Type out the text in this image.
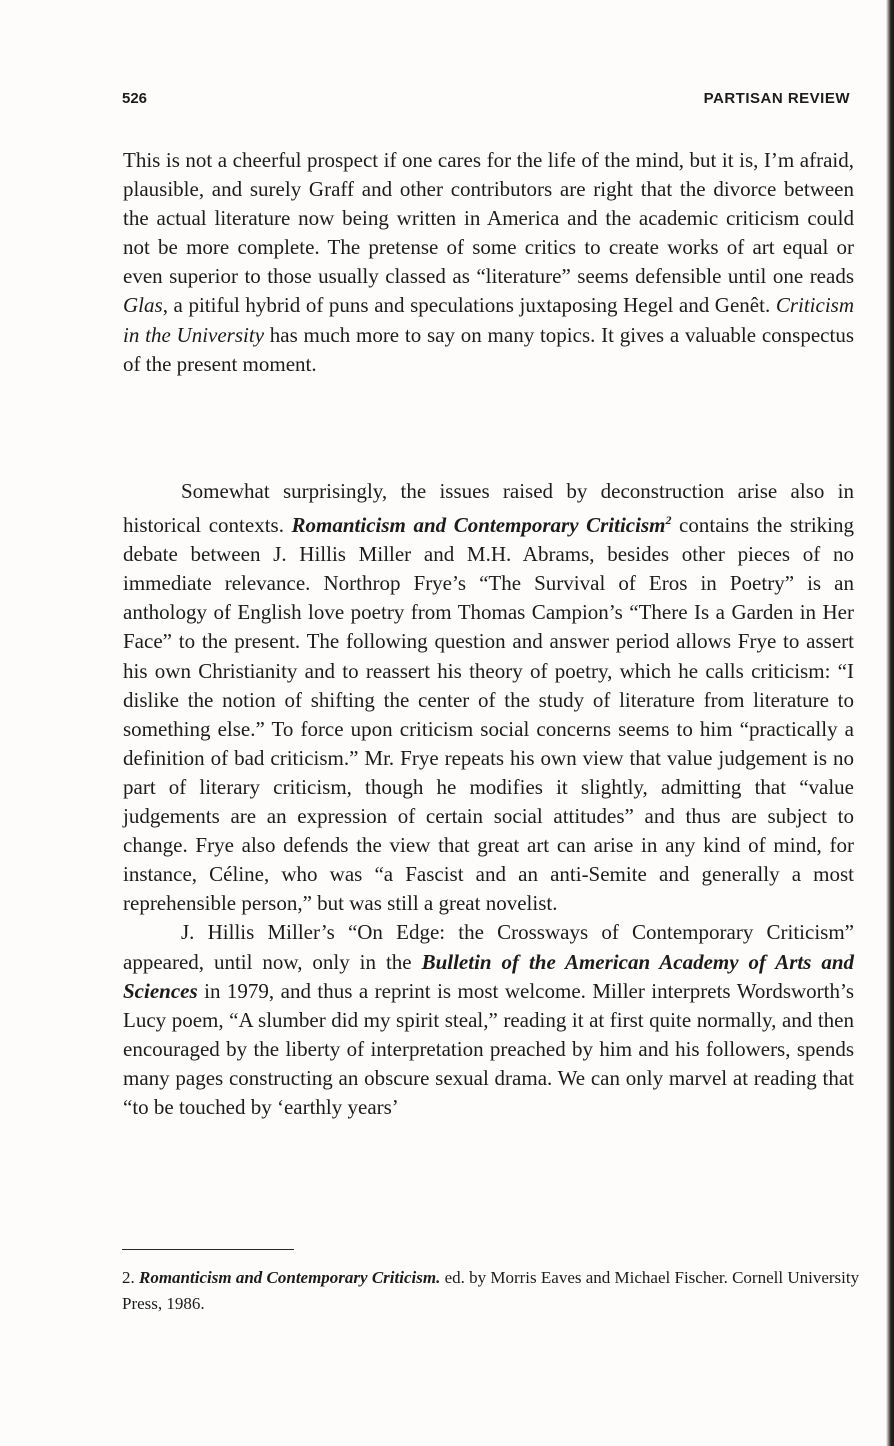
526	PARTISAN REVIEW

This is not a cheerful prospect if one cares for the life of the mind, but it is, I’m afraid, plausible, and surely Graff and other contributors are right that the divorce between the actual literature now being written in America and the academic criticism could not be more complete. The pretense of some critics to create works of art equal or even superior to those usually classed as “literature” seems defensible until one reads Glas, a pitiful hybrid of puns and speculations juxtaposing Hegel and Genêt. Criticism in the University has much more to say on many topics. It gives a valuable conspectus of the present moment.

Somewhat surprisingly, the issues raised by deconstruction arise also in historical contexts. Romanticism and Contemporary Criticism$^2$ contains the striking debate between J. Hillis Miller and M.H. Abrams, besides other pieces of no immediate relevance. Northrop Frye’s “The Survival of Eros in Poetry” is an anthology of English love poetry from Thomas Campion’s “There Is a Garden in Her Face” to the present. The following question and answer period allows Frye to assert his own Christianity and to reassert his theory of poetry, which he calls criticism: “I dislike the notion of shifting the center of the study of literature from literature to something else.” To force upon criticism social concerns seems to him “practically a definition of bad criticism.” Mr. Frye repeats his own view that value judgement is no part of literary criticism, though he modifies it slightly, admitting that “value judgements are an expression of certain social attitudes” and thus are subject to change. Frye also defends the view that great art can arise in any kind of mind, for instance, Céline, who was “a Fascist and an anti-Semite and generally a most reprehensible person,” but was still a great novelist.

J. Hillis Miller’s “On Edge: the Crossways of Contemporary Criticism” appeared, until now, only in the Bulletin of the American Academy of Arts and Sciences in 1979, and thus a reprint is most welcome. Miller interprets Wordsworth’s Lucy poem, “A slumber did my spirit steal,” reading it at first quite normally, and then encouraged by the liberty of interpretation preached by him and his followers, spends many pages constructing an obscure sexual drama. We can only marvel at reading that “to be touched by ‘earthly years’

2. Romanticism and Contemporary Criticism. ed. by Morris Eaves and Michael Fischer. Cornell University Press, 1986.
